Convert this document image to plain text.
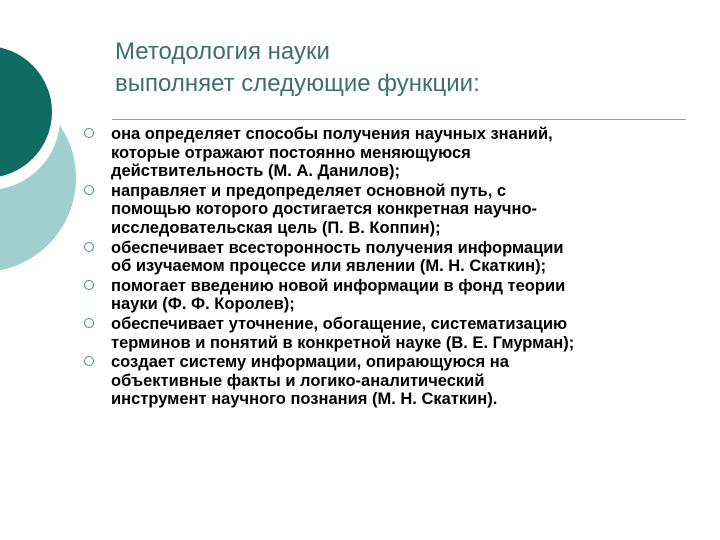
Методология науки
выполняет следующие функции:
она определяет способы получения научных знаний,
которые отражают постоянно меняющуюся
действительность (М. А. Данилов);
направляет и предопределяет основной путь, с
помощью которого достигается конкретная научно-
исследовательская цель (П. В. Коппин);
обеспечивает всесторонность получения информации
об изучаемом процессе или явлении (М. Н. Скаткин);
помогает введению новой информации в фонд теории
науки (Ф. Ф. Королев);
обеспечивает уточнение, обогащение, систематизацию
терминов и понятий в конкретной науке (В. Е. Гмурман);
создает систему информации, опирающуюся на
объективные факты и логико-аналитический
инструмент научного познания (М. Н. Скаткин).
